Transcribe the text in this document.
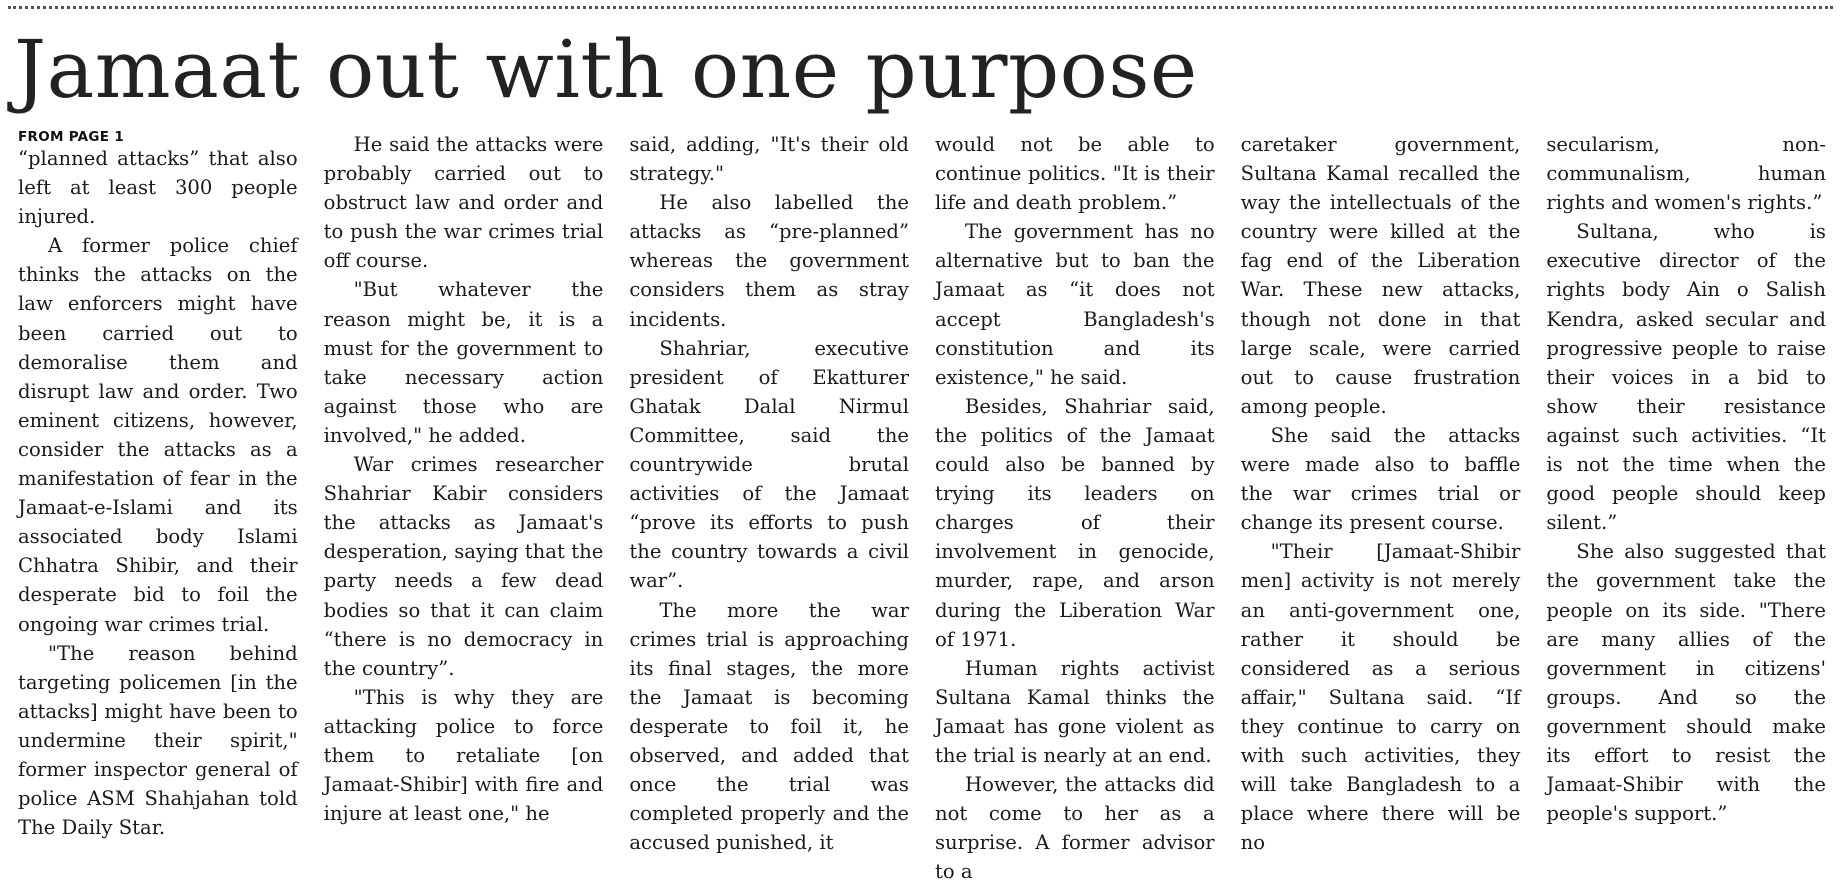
Jamaat out with one purpose
FROM PAGE 1

“planned attacks” that also left at least 300 people injured.

A former police chief thinks the attacks on the law enforcers might have been carried out to demoralise them and disrupt law and order. Two eminent citizens, however, consider the attacks as a manifestation of fear in the Jamaat-e-Islami and its associated body Islami Chhatra Shibir, and their desperate bid to foil the ongoing war crimes trial.

"The reason behind targeting policemen [in the attacks] might have been to undermine their spirit," former inspector general of police ASM Shahjahan told The Daily Star.

He said the attacks were probably carried out to obstruct law and order and to push the war crimes trial off course.

"But whatever the reason might be, it is a must for the government to take necessary action against those who are involved," he added.

War crimes researcher Shahriar Kabir considers the attacks as Jamaat's desperation, saying that the party needs a few dead bodies so that it can claim “there is no democracy in the country”.

"This is why they are attacking police to force them to retaliate [on Jamaat-Shibir] with fire and injure at least one," he

said, adding, "It's their old strategy."

He also labelled the attacks as “pre-planned” whereas the government considers them as stray incidents.

Shahriar, executive president of Ekatturer Ghatak Dalal Nirmul Committee, said the countrywide brutal activities of the Jamaat “prove its efforts to push the country towards a civil war”.

The more the war crimes trial is approaching its final stages, the more the Jamaat is becoming desperate to foil it, he observed, and added that once the trial was completed properly and the accused punished, it

would not be able to continue politics. "It is their life and death problem.”

The government has no alternative but to ban the Jamaat as “it does not accept Bangladesh's constitution and its existence," he said.

Besides, Shahriar said, the politics of the Jamaat could also be banned by trying its leaders on charges of their involvement in genocide, murder, rape, and arson during the Liberation War of 1971.

Human rights activist Sultana Kamal thinks the Jamaat has gone violent as the trial is nearly at an end.

However, the attacks did not come to her as a surprise. A former advisor to a

caretaker government, Sultana Kamal recalled the way the intellectuals of the country were killed at the fag end of the Liberation War. These new attacks, though not done in that large scale, were carried out to cause frustration among people.

She said the attacks were made also to baffle the war crimes trial or change its present course.

"Their [Jamaat-Shibir men] activity is not merely an anti-government one, rather it should be considered as a serious affair," Sultana said. “If they continue to carry on with such activities, they will take Bangladesh to a place where there will be no

secularism, non-communalism, human rights and women's rights.”

Sultana, who is executive director of the rights body Ain o Salish Kendra, asked secular and progressive people to raise their voices in a bid to show their resistance against such activities. “It is not the time when the good people should keep silent.”

She also suggested that the government take the people on its side. "There are many allies of the government in citizens' groups. And so the government should make its effort to resist the Jamaat-Shibir with the people's support.”
